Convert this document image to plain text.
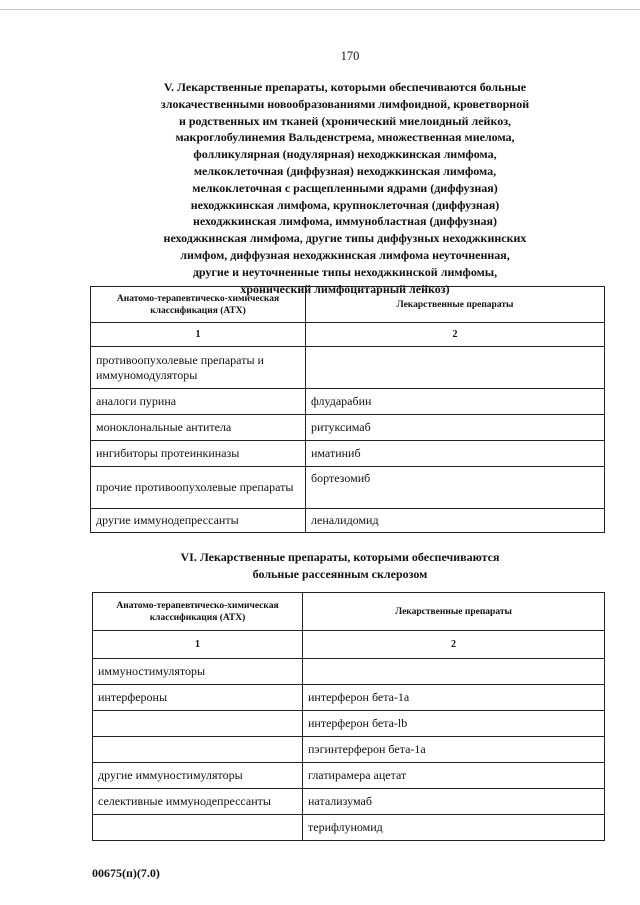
170
V. Лекарственные препараты, которыми обеспечиваются больные
злокачественными новообразованиями лимфоидной, кроветворной
и родственных им тканей (хронический миелоидный лейкоз,
макроглобулинемия Вальденстрема, множественная миелома,
фолликулярная (нодулярная) неходжкинская лимфома,
мелкоклеточная (диффузная) неходжкинская лимфома,
мелкоклеточная с расщепленными ядрами (диффузная)
неходжкинская лимфома, крупноклеточная (диффузная)
неходжкинская лимфома, иммунобластная (диффузная)
неходжкинская лимфома, другие типы диффузных неходжкинских
лимфом, диффузная неходжкинская лимфома неуточненная,
другие и неуточненные типы неходжкинской лимфомы,
хронический лимфоцитарный лейкоз)
Анатомо-терапевтическо-химическая классификация (АТХ)	Лекарственные препараты
1	2
противоопухолевые препараты и иммуномодуляторы	
аналоги пурина	флударабин
моноклональные антитела	ритуксимаб
ингибиторы протеинкиназы	иматиниб
прочие противоопухолевые препараты	бортезомиб
другие иммунодепрессанты	леналидомид
VI. Лекарственные препараты, которыми обеспечиваются
больные рассеянным склерозом
Анатомо-терапевтическо-химическая классификация (АТХ)	Лекарственные препараты
1	2
иммуностимуляторы	
интерфероны	интерферон бета-1а
	интерферон бета-lb
	пэгинтерферон бета-1а
другие иммуностимуляторы	глатирамера ацетат
селективные иммунодепрессанты	натализумаб
	терифлуномид
00675(п)(7.0)
